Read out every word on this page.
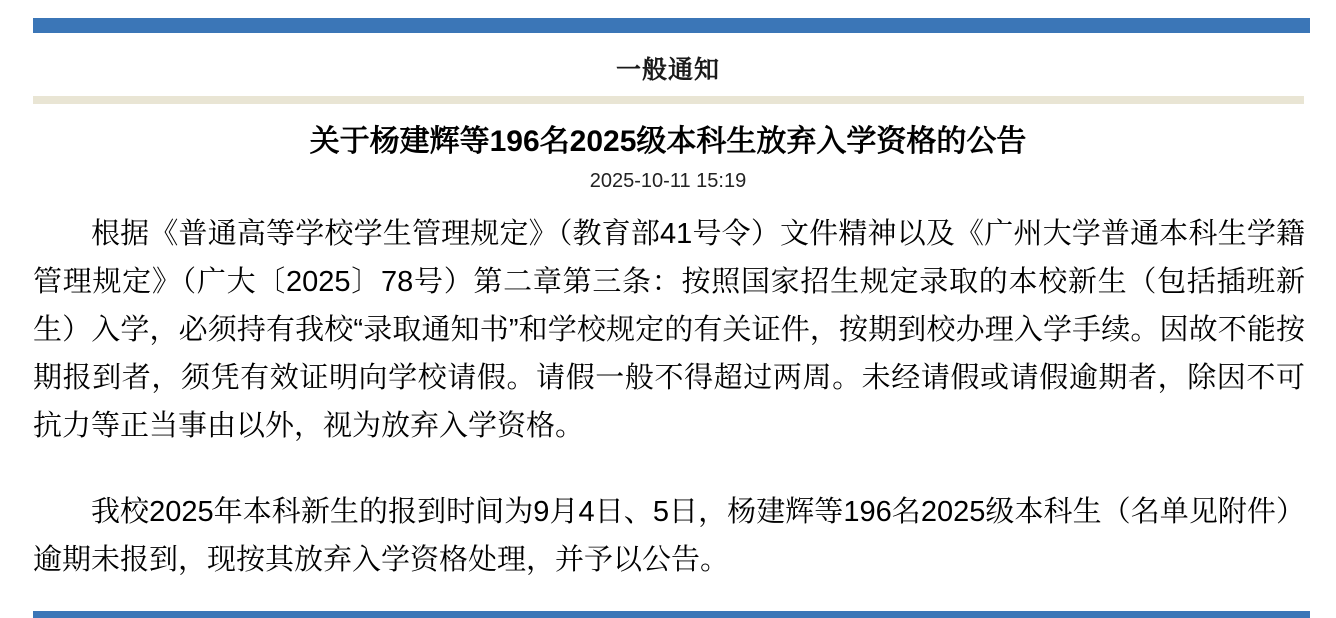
一般通知
关于杨建辉等196名2025级本科生放弃入学资格的公告
2025-10-11 15:19

根据《普通高等学校学生管理规定》（教育部41号令）文件精神以及《广州大学普通本科生学籍管理规定》（广大〔2025〕78号）第二章第三条：按照国家招生规定录取的本校新生（包括插班新生）入学，必须持有我校“录取通知书”和学校规定的有关证件，按期到校办理入学手续。因故不能按期报到者，须凭有效证明向学校请假。请假一般不得超过两周。未经请假或请假逾期者，除因不可抗力等正当事由以外，视为放弃入学资格。

我校2025年本科新生的报到时间为9月4日、5日，杨建辉等196名2025级本科生（名单见附件）逾期未报到，现按其放弃入学资格处理，并予以公告。
